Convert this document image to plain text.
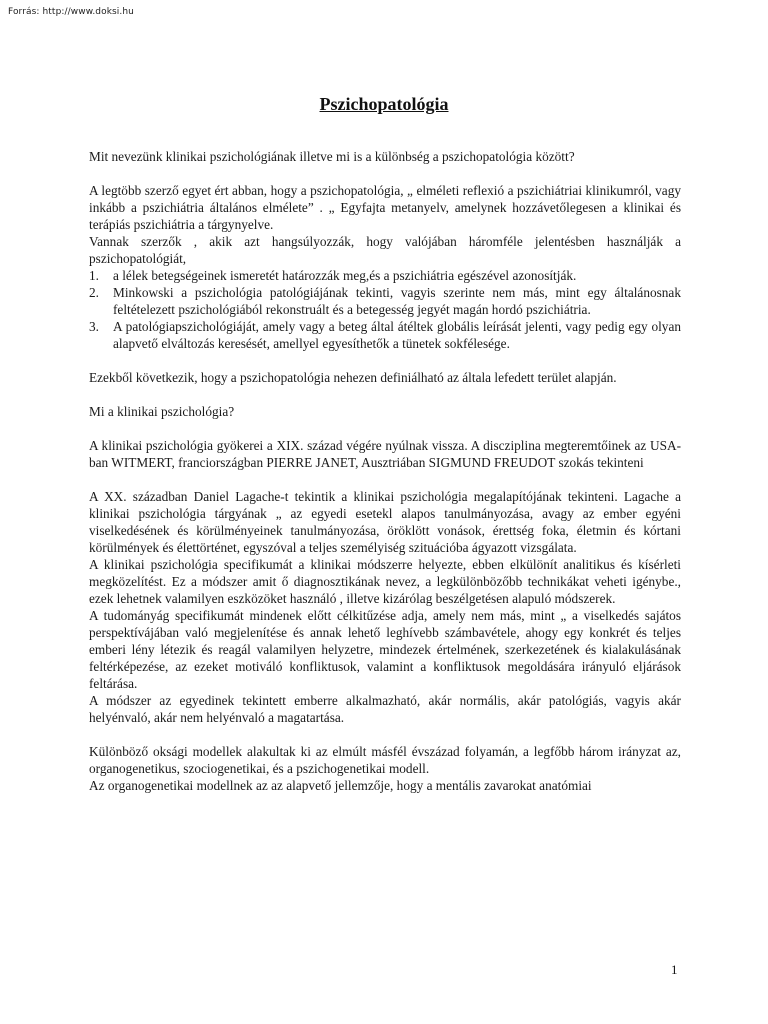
Forrás: http://www.doksi.hu
Pszichopatológia

Mit nevezünk klinikai pszichológiának illetve mi is a különbség a pszichopatológia között?

A legtöbb szerző egyet ért abban, hogy a pszichopatológia, „ elméleti reflexió a pszichiátriai klinikumról, vagy inkább a pszichiátria általános elmélete” . „ Egyfajta metanyelv, amelynek hozzávetőlegesen a klinikai és terápiás pszichiátria a tárgynyelve.

Vannak szerzők , akik azt hangsúlyozzák, hogy valójában háromféle jelentésben használják a pszichopatológiát,

1.	a lélek betegségeinek ismeretét határozzák meg,és a pszichiátria egészével azonosítják.
2.	Minkowski a pszichológia patológiájának tekinti, vagyis szerinte nem más, mint egy általánosnak feltételezett pszichológiából rekonstruált és a betegesség jegyét magán hordó pszichiátria.
3.	A patológiapszichológiáját, amely vagy a beteg által átéltek globális leírását jelenti, vagy pedig egy olyan alapvető elváltozás keresését, amellyel egyesíthetők a tünetek sokfélesége.

Ezekből következik, hogy a pszichopatológia nehezen definiálható az általa lefedett terület alapján.

Mi a klinikai pszichológia?

A klinikai pszichológia gyökerei a XIX. század végére nyúlnak vissza. A discziplina megteremtőinek az USA-ban WITMERT, franciországban PIERRE JANET, Ausztriában SIGMUND FREUDOT szokás tekinteni

A XX. században Daniel Lagache-t tekintik a klinikai pszichológia megalapítójának tekinteni. Lagache a klinikai pszichológia tárgyának „ az egyedi esetekl alapos tanulmányozása, avagy az ember egyéni viselkedésének és körülményeinek tanulmányozása, öröklött vonások, érettség foka, életmin és kórtani körülmények és élettörténet, egyszóval a teljes személyiség szituációba ágyazott vizsgálata.

A klinikai pszichológia specifikumát a klinikai módszerre helyezte, ebben elkülönít analitikus és kísérleti megközelítést. Ez a módszer amit ő diagnosztikának nevez, a legkülönbözőbb technikákat veheti igénybe., ezek lehetnek valamilyen eszközöket használó , illetve kizárólag beszélgetésen alapuló módszerek.

A tudományág specifikumát mindenek előtt célkitűzése adja, amely nem más, mint „ a viselkedés sajátos perspektívájában való megjelenítése és annak lehető leghívebb számbavétele, ahogy egy konkrét és teljes emberi lény létezik és reagál valamilyen helyzetre, mindezek értelmének, szerkezetének és kialakulásának feltérképezése, az ezeket motiváló konfliktusok, valamint a konfliktusok megoldására irányuló eljárások feltárása.

A módszer az egyedinek tekintett emberre alkalmazható, akár normális, akár patológiás, vagyis akár helyénvaló, akár nem helyénvaló a magatartása.

Különböző oksági modellek alakultak ki az elmúlt másfél évszázad folyamán, a legfőbb három irányzat az, organogenetikus, szociogenetikai, és a pszichogenetikai modell.

Az organogenetikai modellnek az az alapvető jellemzője, hogy a mentális zavarokat anatómiai

1
